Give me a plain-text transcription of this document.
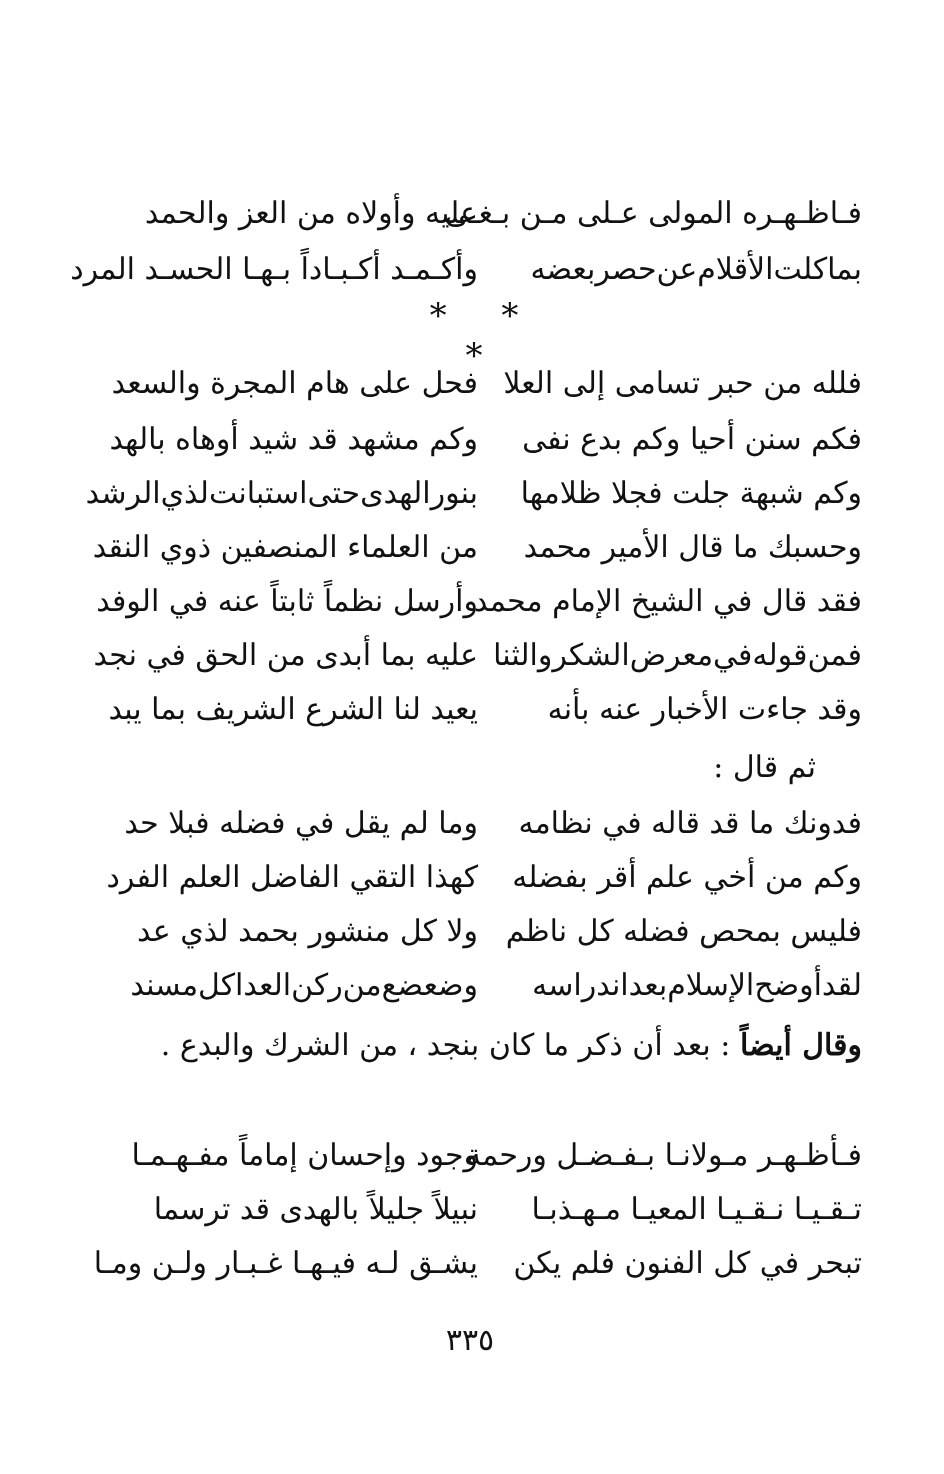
فـاظـهـره المولى عـلى مـن بـغـى
عليه وأولاه من العز والحمد
بماكلت‌الأقلام‌عن‌حصربعضه
وأكـمـد أكـبـاداً بـهـا الحسـد المرد
* * *
فلله من حبر تسامى إلى العلا
فحل على هام المجرة والسعد
فكم سنن أحيا وكم بدع نفى
وكم مشهد قد شيد أوهاه بالهد
وكم شبهة جلت فجلا ظلامها
بنورالهدى‌حتى‌استبانت‌لذي‌الرشد
وحسبك ما قال الأمير محمد
من العلماء المنصفين ذوي النقد
فقد قال في الشيخ الإمام محمد
وأرسل نظماً ثابتاً عنه في الوفد
فمن‌قوله‌في‌معرض‌الشكروالثنا
عليه بما أبدى من الحق في نجد
وقد جاءت الأخبار عنه بأنه
يعيد لنا الشرع الشريف بما يبد
ثم قال :
فدونك ما قد قاله في نظامه
وما لم يقل في فضله فبلا حد
وكم من أخي علم أقر بفضله
كهذا التقي الفاضل العلم الفرد
فليس بمحص فضله كل ناظم
ولا كل منشور بحمد لذي عد
لقدأوضح‌الإسلام‌بعداندراسه
وضعضع‌من‌ركن‌العداكل‌مسند
وقال أيضاً : بعد أن ذكر ما كان بنجد ، من الشرك والبدع .
فـأظـهـر مـولانـا بـفـضـل ورحمة
وجود وإحسان إماماً مفـهـمـا
تـقـيـا نـقـيـا المعيـا مـهـذبـا
نبيلاً جليلاً بالهدى قد ترسما
تبحر في كل الفنون فلم يكن
يشـق لـه فيـهـا غـبـار ولـن ومـا
٣٣٥
